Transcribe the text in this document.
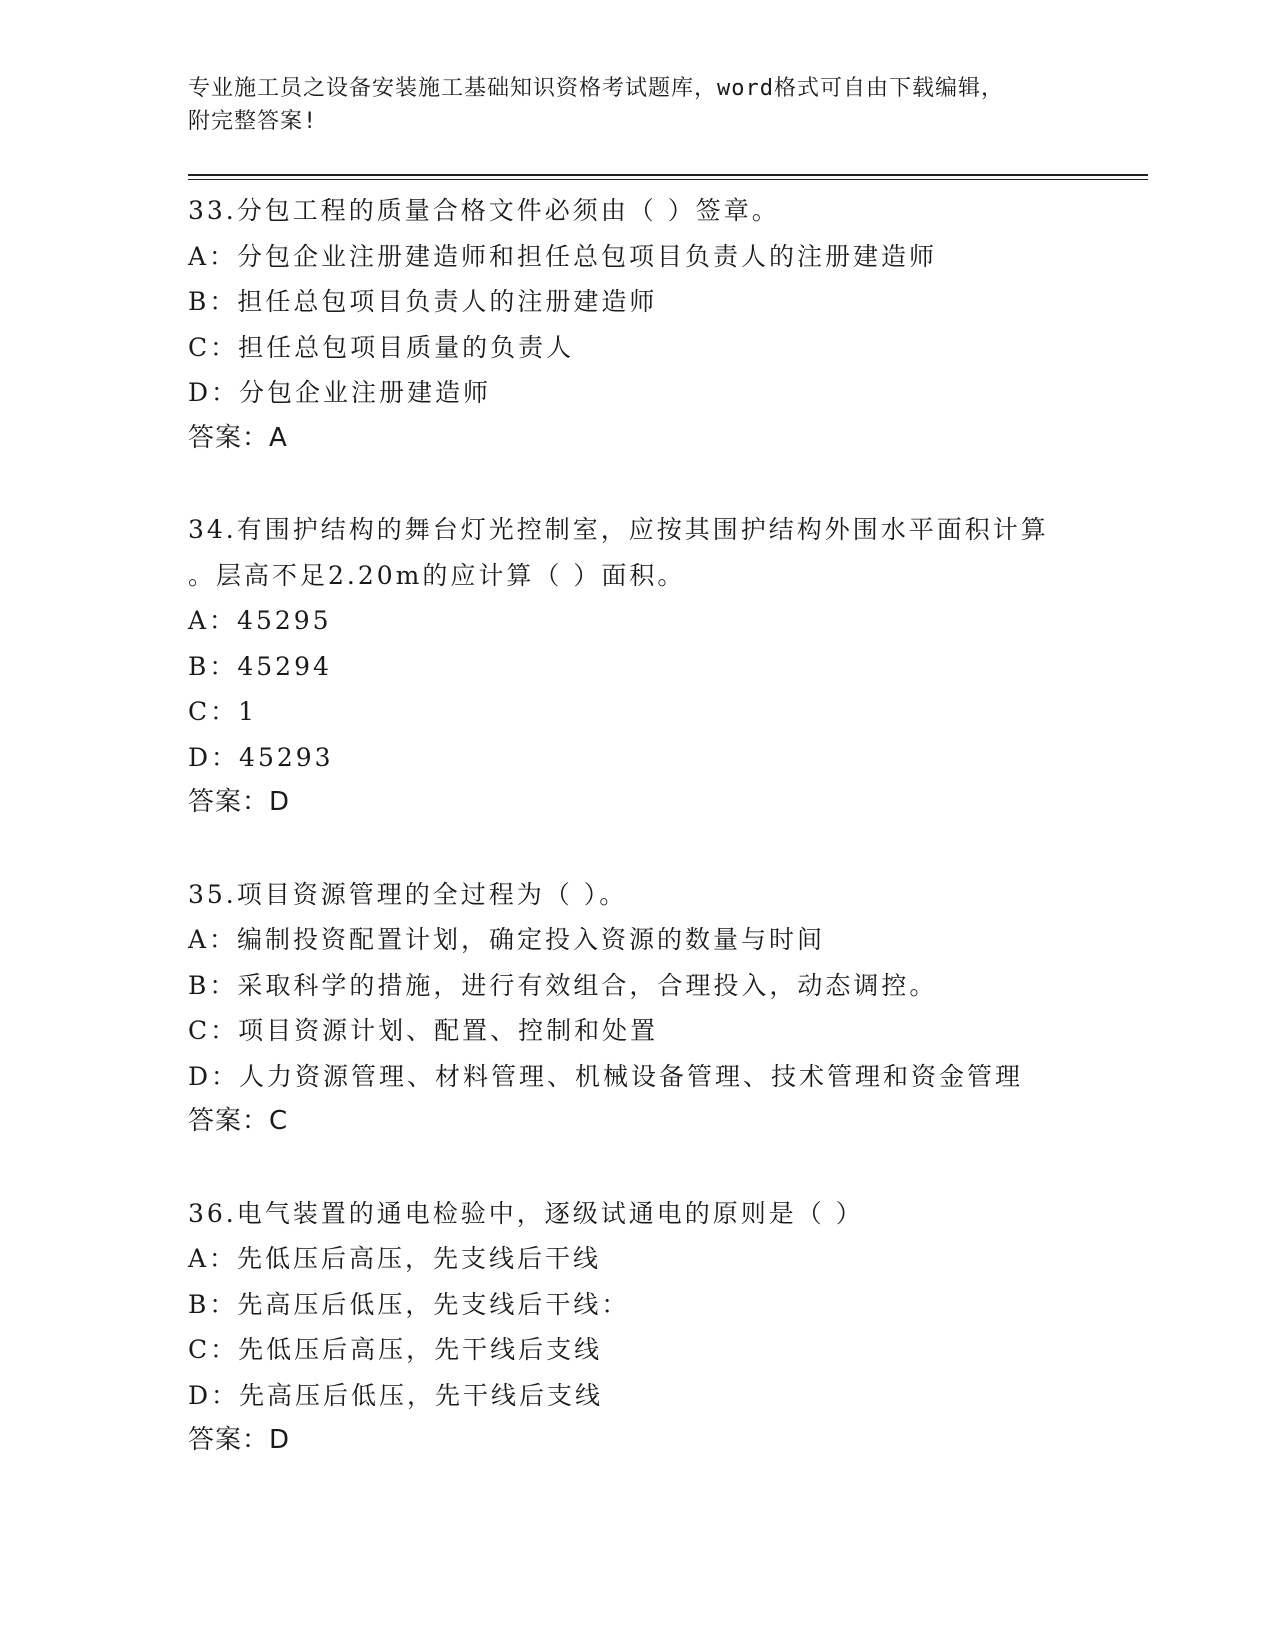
专业施工员之设备安装施工基础知识资格考试题库，word格式可自由下载编辑，

附完整答案!

33.分包工程的质量合格文件必须由（ ）签章。
A：分包企业注册建造师和担任总包项目负责人的注册建造师
B：担任总包项目负责人的注册建造师
C：担任总包项目质量的负责人
D：分包企业注册建造师
答案：A
34.有围护结构的舞台灯光控制室，应按其围护结构外围水平面积计算
。层高不足2.20m的应计算（ ）面积。
A：45295
B：45294
C：1
D：45293
答案：D
35.项目资源管理的全过程为（ ）。
A：编制投资配置计划，确定投入资源的数量与时间
B：采取科学的措施，进行有效组合，合理投入，动态调控。
C：项目资源计划、配置、控制和处置
D：人力资源管理、材料管理、机械设备管理、技术管理和资金管理
答案：C
36.电气装置的通电检验中，逐级试通电的原则是（ ）
A：先低压后高压，先支线后干线
B：先高压后低压，先支线后干线：
C：先低压后高压，先干线后支线
D：先高压后低压，先干线后支线
答案：D
